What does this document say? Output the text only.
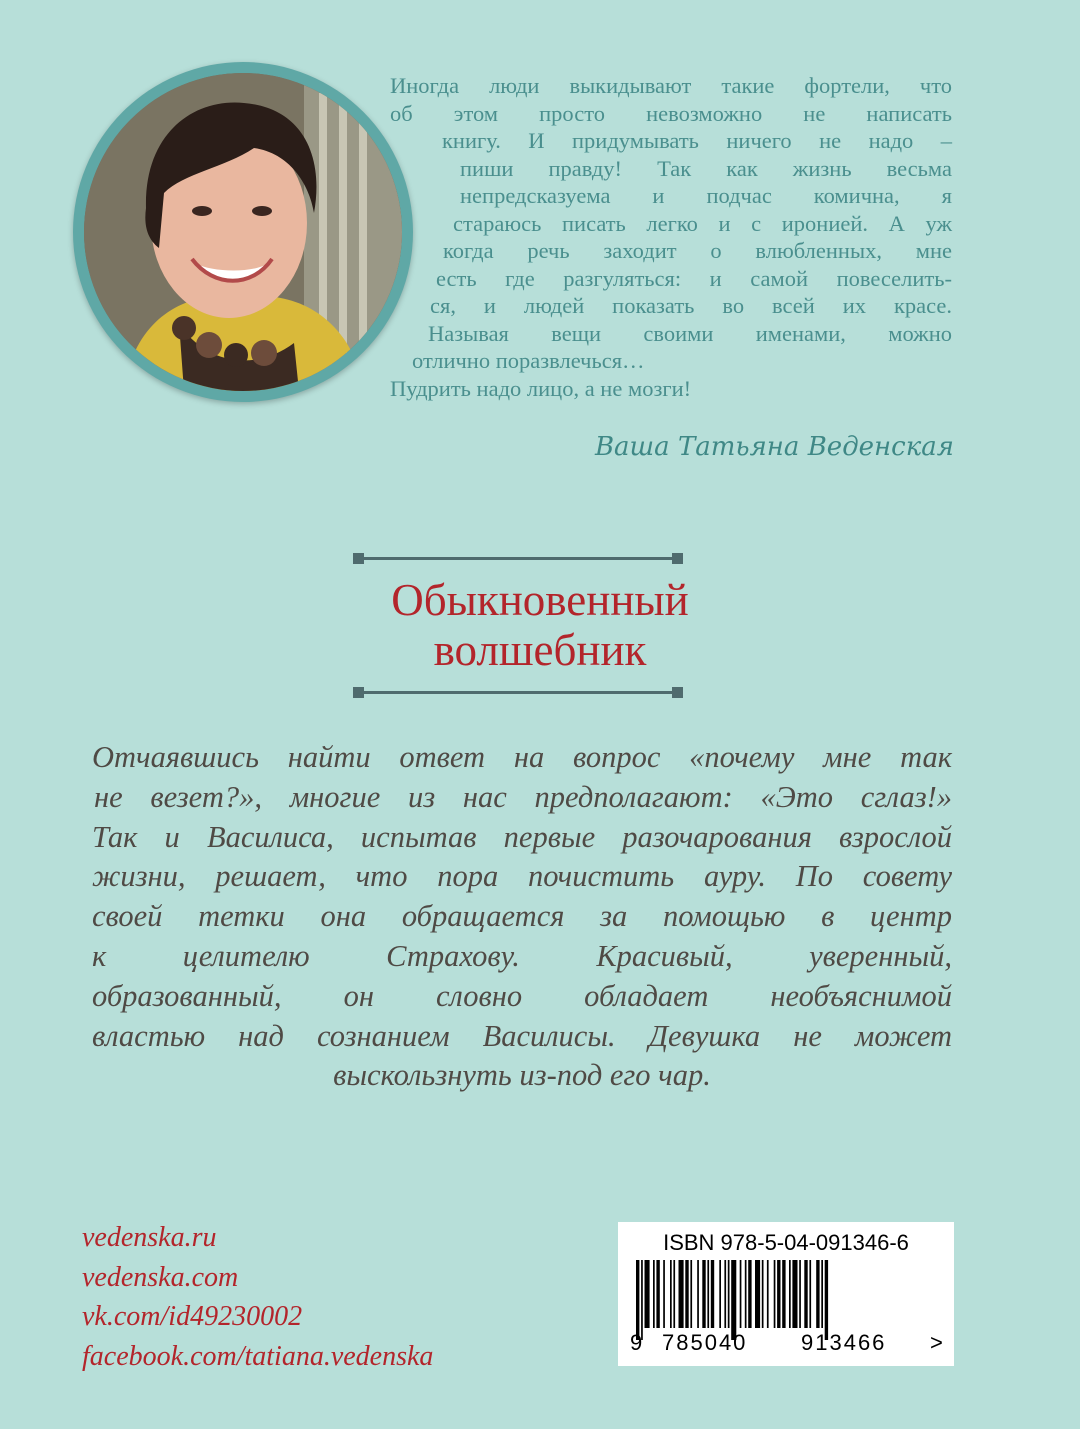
Иногда люди выкидывают такие фортели, что
об этом просто невозможно не написать
книгу. И придумывать ничего не надо –
пиши правду! Так как жизнь весьма
непредсказуема и подчас комична, я
стараюсь писать легко и с иронией. А уж
когда речь заходит о влюбленных, мне
есть где разгуляться: и самой повеселить-
ся, и людей показать во всей их красе.
Называя вещи своими именами, можно
отлично поразвлечься…
Пудрить надо лицо, а не мозги!
Ваша Татьяна Веденская
Обыкновенный
волшебник
Отчаявшись найти ответ на вопрос «почему мне так
не везет?», многие из нас предполагают: «Это сглаз!»
Так и Василиса, испытав первые разочарования взрослой
жизни, решает, что пора почистить ауру. По совету
своей тетки она обращается за помощью в центр
к целителю Страхову. Красивый, уверенный,
образованный, он словно обладает необъяснимой
властью над сознанием Василисы. Девушка не может
выскользнуть из-под его чар.
vedenska.ru
vedenska.com
vk.com/id49230002
facebook.com/tatiana.vedenska
ISBN 978-5-04-091346-6
9 785040 913466 >
